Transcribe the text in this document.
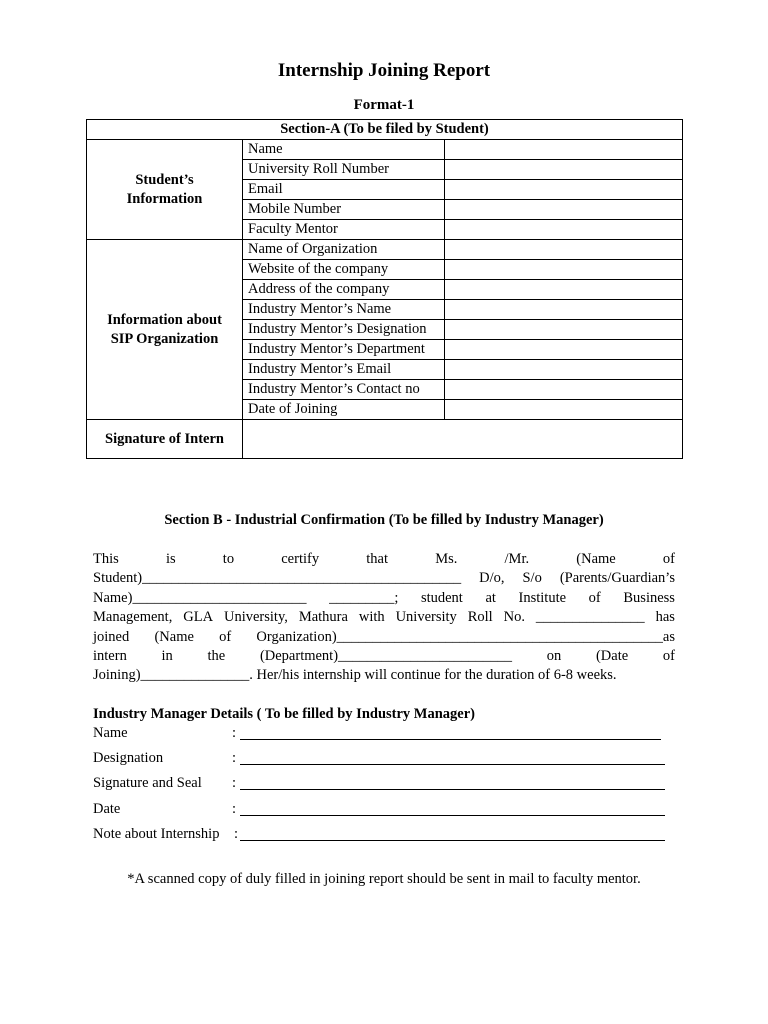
Internship Joining Report
Format-1
Section-A (To be filed by Student)		
Student’s
Information	Name	
	University Roll Number	
	Email	
	Mobile Number	
	Faculty Mentor	
Information about
SIP Organization	Name of Organization	
	Website of the company	
	Address of the company	
	Industry Mentor’s Name	
	Industry Mentor’s Designation	
	Industry Mentor’s Department	
	Industry Mentor’s Email	
	Industry Mentor’s Contact no	
	Date of Joining	
Signature of Intern		
Section B - Industrial Confirmation (To be filled by Industry Manager)
This	is	to	certify	that	Ms.	/Mr.	(Name	of
Student)____________________________________________ D/o, S/o (Parents/Guardian’s
Name)________________________ _________; student at Institute of Business
Management, GLA University, Mathura with University Roll No. _______________ has
joined (Name of Organization)_____________________________________________as
intern in the (Department)________________________ on (Date of
Joining)_______________. Her/his internship will continue for the duration of 6-8 weeks.
Industry Manager Details ( To be filled by Industry Manager)
Name	:
Designation	:
Signature and Seal :
Date	:
Note about Internship :
*A scanned copy of duly filled in joining report should be sent in mail to faculty mentor.
